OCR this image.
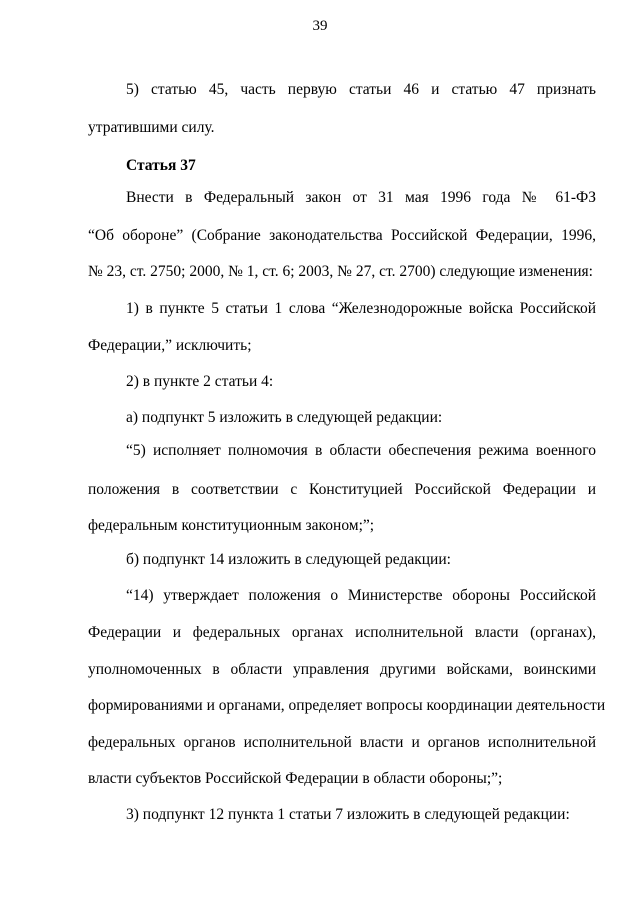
39
5) статью 45, часть первую статьи 46 и статью 47 признать
утратившими силу.
Статья 37
Внести в Федеральный закон от 31 мая 1996 года № 61-ФЗ
“Об обороне” (Собрание законодательства Российской Федерации, 1996,
№ 23, ст. 2750; 2000, № 1, ст. 6; 2003, № 27, ст. 2700) следующие изменения:
1) в пункте 5 статьи 1 слова “Железнодорожные войска Российской
Федерации,” исключить;
2) в пункте 2 статьи 4:
а) подпункт 5 изложить в следующей редакции:
“5) исполняет полномочия в области обеспечения режима военного
положения в соответствии с Конституцией Российской Федерации и
федеральным конституционным законом;”;
б) подпункт 14 изложить в следующей редакции:
“14) утверждает положения о Министерстве обороны Российской
Федерации и федеральных органах исполнительной власти (органах),
уполномоченных в области управления другими войсками, воинскими
формированиями и органами, определяет вопросы координации деятельности
федеральных органов исполнительной власти и органов исполнительной
власти субъектов Российской Федерации в области обороны;”;
3) подпункт 12 пункта 1 статьи 7 изложить в следующей редакции:
